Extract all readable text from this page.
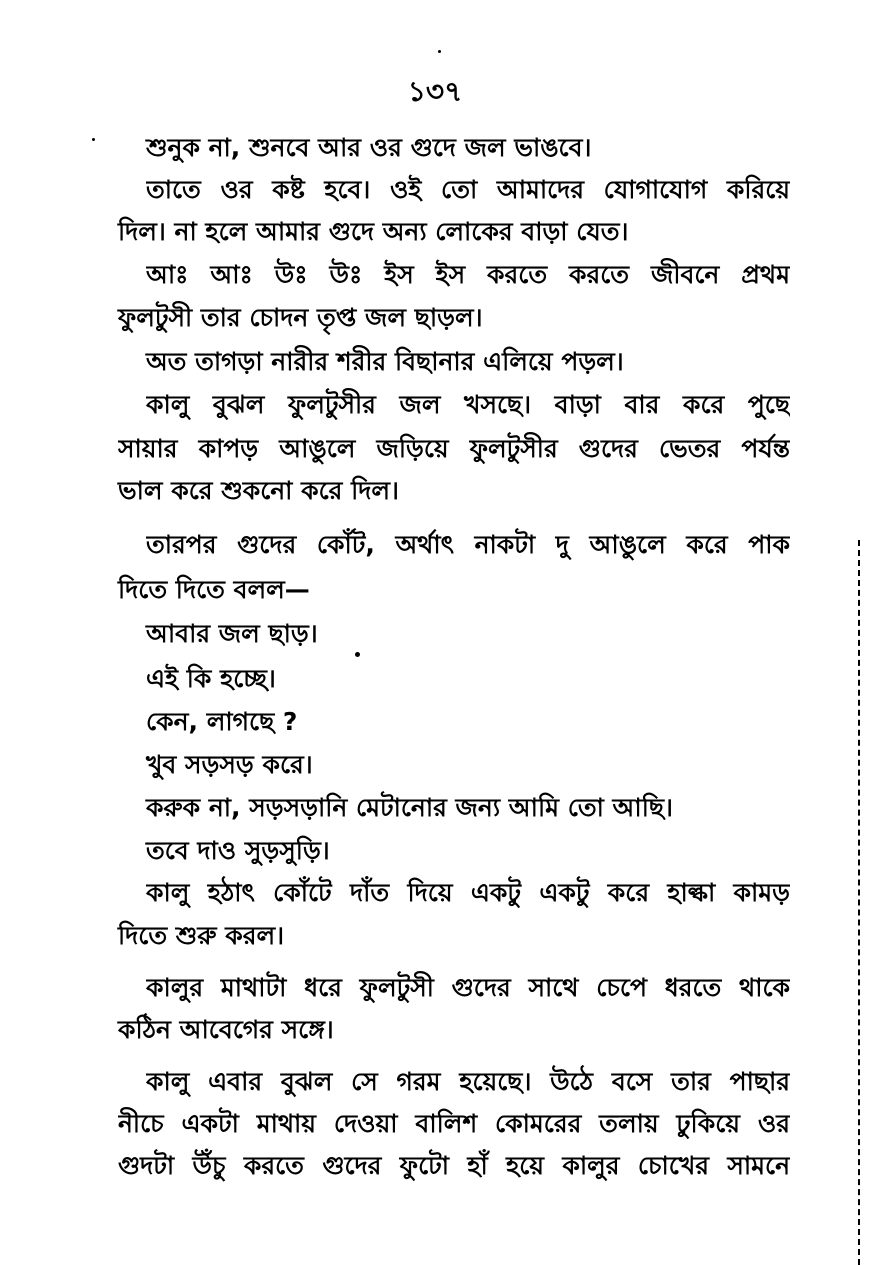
১৩৭
শুনুক না, শুনবে আর ওর গুদে জল ভাঙবে।
তাতে ওর কষ্ট হবে। ওই তো আমাদের যোগাযোগ করিয়ে
দিল। না হলে আমার গুদে অন্য লোকের বাড়া যেত।
আঃ আঃ উঃ উঃ ইস ইস করতে করতে জীবনে প্রথম
ফুলটুসী তার চোদন তৃপ্ত জল ছাড়ল।
অত তাগড়া নারীর শরীর বিছানার এলিয়ে পড়ল।
কালু বুঝল ফুলটুসীর জল খসছে। বাড়া বার করে পুছে
সায়ার কাপড় আঙুলে জড়িয়ে ফুলটুসীর গুদের ভেতর পর্যন্ত
ভাল করে শুকনো করে দিল।
তারপর গুদের কোঁট, অর্থাৎ নাকটা দু আঙুলে করে পাক
দিতে দিতে বলল—
আবার জল ছাড়।
এই কি হচ্ছে।
কেন, লাগছে ?
খুব সড়সড় করে।
করুক না, সড়সড়ানি মেটানোর জন্য আমি তো আছি।
তবে দাও সুড়সুড়ি।
কালু হঠাৎ কোঁটে দাঁত দিয়ে একটু একটু করে হাল্কা কামড়
দিতে শুরু করল।
কালুর মাথাটা ধরে ফুলটুসী গুদের সাথে চেপে ধরতে থাকে
কঠিন আবেগের সঙ্গে।
কালু এবার বুঝল সে গরম হয়েছে। উঠে বসে তার পাছার
নীচে একটা মাথায় দেওয়া বালিশ কোমরের তলায় ঢুকিয়ে ওর
গুদটা উঁচু করতে গুদের ফুটো হাঁ হয়ে কালুর চোখের সামনে
